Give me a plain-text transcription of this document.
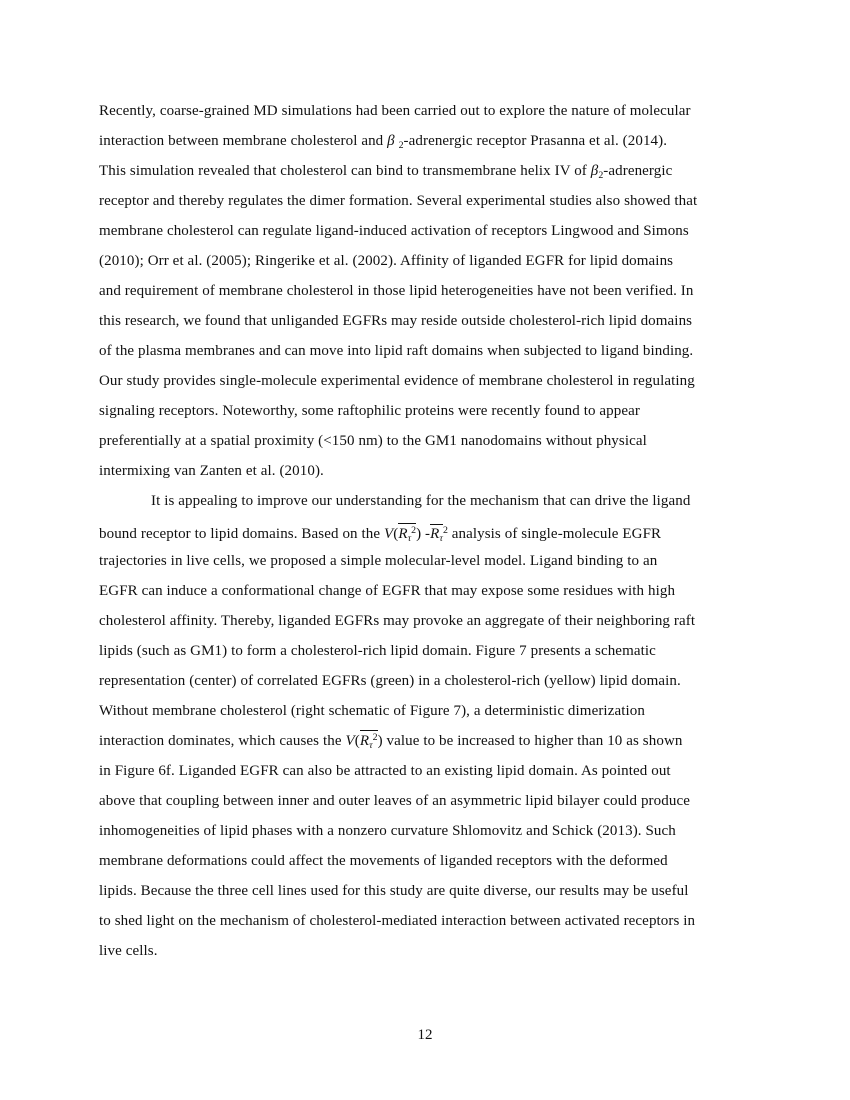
Recently, coarse-grained MD simulations had been carried out to explore the nature of molecular
interaction between membrane cholesterol and β $_2$-adrenergic receptor Prasanna et al. (2014).
This simulation revealed that cholesterol can bind to transmembrane helix IV of $\beta_2$-adrenergic
receptor and thereby regulates the dimer formation. Several experimental studies also showed that
membrane cholesterol can regulate ligand-induced activation of receptors Lingwood and Simons
(2010); Orr et al. (2005); Ringerike et al. (2002). Affinity of liganded EGFR for lipid domains
and requirement of membrane cholesterol in those lipid heterogeneities have not been verified. In
this research, we found that unliganded EGFRs may reside outside cholesterol-rich lipid domains
of the plasma membranes and can move into lipid raft domains when subjected to ligand binding.
Our study provides single-molecule experimental evidence of membrane cholesterol in regulating
signaling receptors. Noteworthy, some raftophilic proteins were recently found to appear
preferentially at a spatial proximity (<150 nm) to the GM1 nanodomains without physical
intermixing van Zanten et al. (2010).
It is appealing to improve our understanding for the mechanism that can drive the ligand
bound receptor to lipid domains. Based on the $V(R_\tau^2)$ $-R_\tau^2$ analysis of single-molecule EGFR
trajectories in live cells, we proposed a simple molecular-level model. Ligand binding to an
EGFR can induce a conformational change of EGFR that may expose some residues with high
cholesterol affinity. Thereby, liganded EGFRs may provoke an aggregate of their neighboring raft
lipids (such as GM1) to form a cholesterol-rich lipid domain. Figure 7 presents a schematic
representation (center) of correlated EGFRs (green) in a cholesterol-rich (yellow) lipid domain.
Without membrane cholesterol (right schematic of Figure 7), a deterministic dimerization
interaction dominates, which causes the $V(R_\tau^2)$ value to be increased to higher than 10 as shown
in Figure 6f. Liganded EGFR can also be attracted to an existing lipid domain. As pointed out
above that coupling between inner and outer leaves of an asymmetric lipid bilayer could produce
inhomogeneities of lipid phases with a nonzero curvature Shlomovitz and Schick (2013). Such
membrane deformations could affect the movements of liganded receptors with the deformed
lipids. Because the three cell lines used for this study are quite diverse, our results may be useful
to shed light on the mechanism of cholesterol-mediated interaction between activated receptors in
live cells.
12
